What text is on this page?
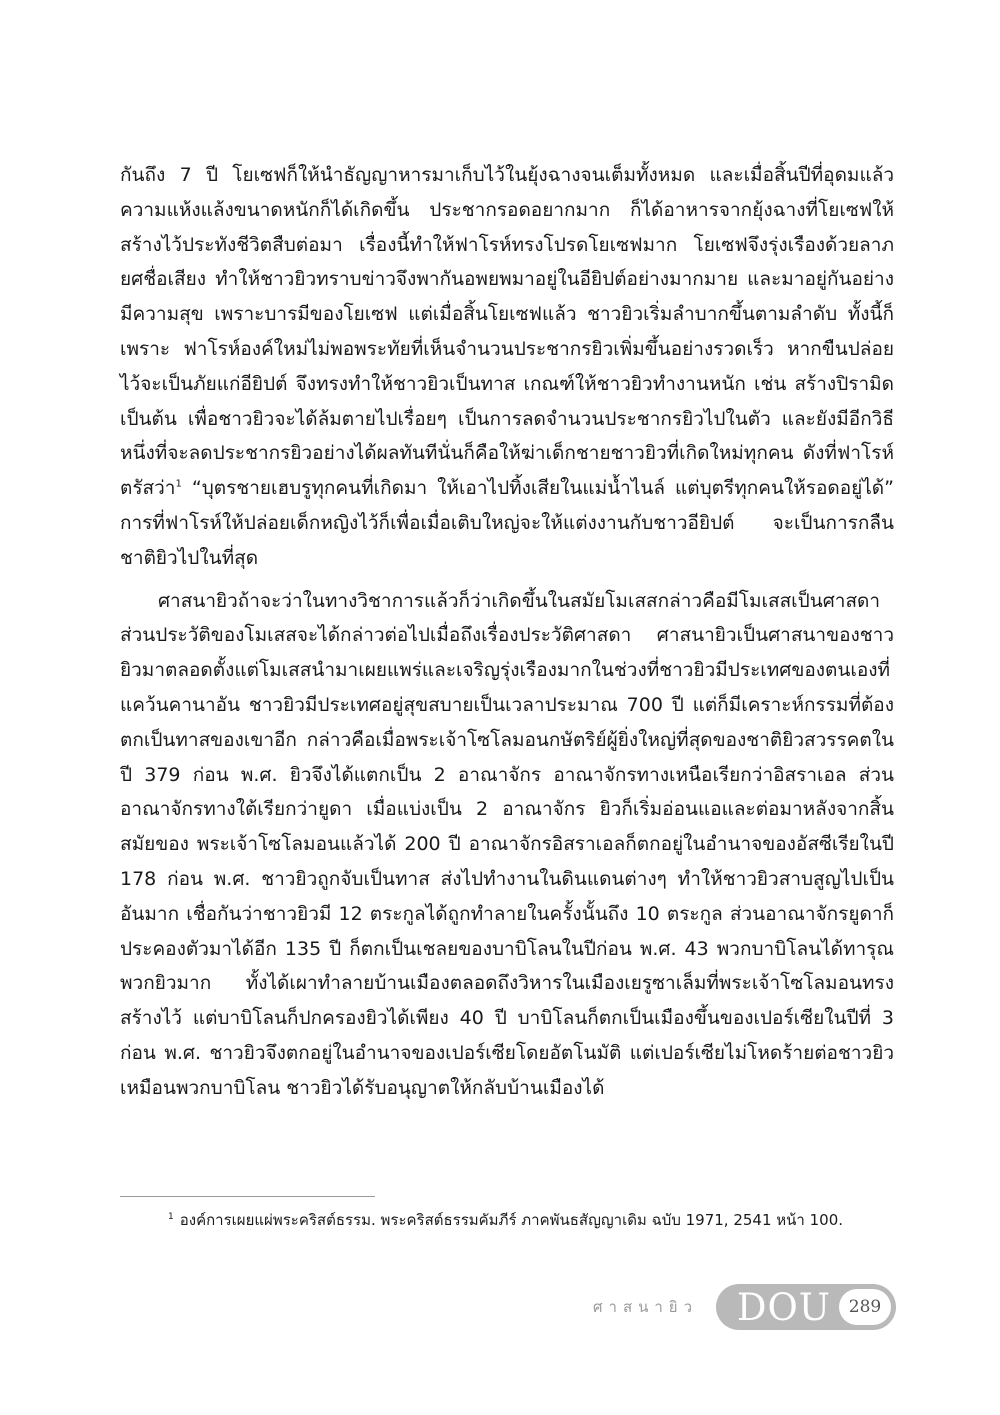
กันถึง 7 ปี โยเซฟก็ให้นำธัญญาหารมาเก็บไว้ในยุ้งฉางจนเต็มทั้งหมด และเมื่อสิ้นปีที่อุดมแล้วความแห้งแล้งขนาดหนักก็ได้เกิดขึ้น ประชากรอดอยากมาก ก็ได้อาหารจากยุ้งฉางที่โยเซฟให้สร้างไว้ประทังชีวิตสืบต่อมา เรื่องนี้ทำให้ฟาโรห์ทรงโปรดโยเซฟมาก โยเซฟจึงรุ่งเรืองด้วยลาภยศชื่อเสียง ทำให้ชาวยิวทราบข่าวจึงพากันอพยพมาอยู่ในอียิปต์อย่างมากมาย และมาอยู่กันอย่างมีความสุข เพราะบารมีของโยเซฟ แต่เมื่อสิ้นโยเซฟแล้ว ชาวยิวเริ่มลำบากขึ้นตามลำดับ ทั้งนี้ก็เพราะ ฟาโรห์องค์ใหม่ไม่พอพระทัยที่เห็นจำนวนประชากรยิวเพิ่มขึ้นอย่างรวดเร็ว หากขืนปล่อยไว้จะเป็นภัยแก่อียิปต์ จึงทรงทำให้ชาวยิวเป็นทาส เกณฑ์ให้ชาวยิวทำงานหนัก เช่น สร้างปิรามิด เป็นต้น เพื่อชาวยิวจะได้ล้มตายไปเรื่อยๆ เป็นการลดจำนวนประชากรยิวไปในตัว และยังมีอีกวิธีหนึ่งที่จะลดประชากรยิวอย่างได้ผลทันทีนั่นก็คือให้ฆ่าเด็กชายชาวยิวที่เกิดใหม่ทุกคน ดังที่ฟาโรห์ตรัสว่า$^1$ “บุตรชายเฮบรูทุกคนที่เกิดมา ให้เอาไปทิ้งเสียในแม่น้ำไนล์ แต่บุตรีทุกคนให้รอดอยู่ได้” การที่ฟาโรห์ให้ปล่อยเด็กหญิงไว้ก็เพื่อเมื่อเติบใหญ่จะให้แต่งงานกับชาวอียิปต์ จะเป็นการกลืนชาติยิวไปในที่สุด

ศาสนายิวถ้าจะว่าในทางวิชาการแล้วก็ว่าเกิดขึ้นในสมัยโมเสสกล่าวคือมีโมเสสเป็นศาสดา ส่วนประวัติของโมเสสจะได้กล่าวต่อไปเมื่อถึงเรื่องประวัติศาสดา ศาสนายิวเป็นศาสนาของชาวยิวมาตลอดตั้งแต่โมเสสนำมาเผยแพร่และเจริญรุ่งเรืองมากในช่วงที่ชาวยิวมีประเทศของตนเองที่แคว้นคานาอัน ชาวยิวมีประเทศอยู่สุขสบายเป็นเวลาประมาณ 700 ปี แต่ก็มีเคราะห์กรรมที่ต้องตกเป็นทาสของเขาอีก กล่าวคือเมื่อพระเจ้าโซโลมอนกษัตริย์ผู้ยิ่งใหญ่ที่สุดของชาติยิวสวรรคตในปี 379 ก่อน พ.ศ. ยิวจึงได้แตกเป็น 2 อาณาจักร อาณาจักรทางเหนือเรียกว่าอิสราเอล ส่วนอาณาจักรทางใต้เรียกว่ายูดา เมื่อแบ่งเป็น 2 อาณาจักร ยิวก็เริ่มอ่อนแอและต่อมาหลังจากสิ้นสมัยของ พระเจ้าโซโลมอนแล้วได้ 200 ปี อาณาจักรอิสราเอลก็ตกอยู่ในอำนาจของอัสซีเรียในปี 178 ก่อน พ.ศ. ชาวยิวถูกจับเป็นทาส ส่งไปทำงานในดินแดนต่างๆ ทำให้ชาวยิวสาบสูญไปเป็นอันมาก เชื่อกันว่าชาวยิวมี 12 ตระกูลได้ถูกทำลายในครั้งนั้นถึง 10 ตระกูล ส่วนอาณาจักรยูดาก็ประคองตัวมาได้อีก 135 ปี ก็ตกเป็นเชลยของบาบิโลนในปีก่อน พ.ศ. 43 พวกบาบิโลนได้ทารุณพวกยิวมาก ทั้งได้เผาทำลายบ้านเมืองตลอดถึงวิหารในเมืองเยรูซาเล็มที่พระเจ้าโซโลมอนทรงสร้างไว้ แต่บาบิโลนก็ปกครองยิวได้เพียง 40 ปี บาบิโลนก็ตกเป็นเมืองขึ้นของเปอร์เซียในปีที่ 3 ก่อน พ.ศ. ชาวยิวจึงตกอยู่ในอำนาจของเปอร์เซียโดยอัตโนมัติ แต่เปอร์เซียไม่โหดร้ายต่อชาวยิวเหมือนพวกบาบิโลน ชาวยิวได้รับอนุญาตให้กลับบ้านเมืองได้

$^1$ องค์การเผยแผ่พระคริสต์ธรรม. พระคริสต์ธรรมคัมภีร์ ภาคพันธสัญญาเดิม ฉบับ 1971, 2541 หน้า 100.

ศาสนายิว DOU	289
